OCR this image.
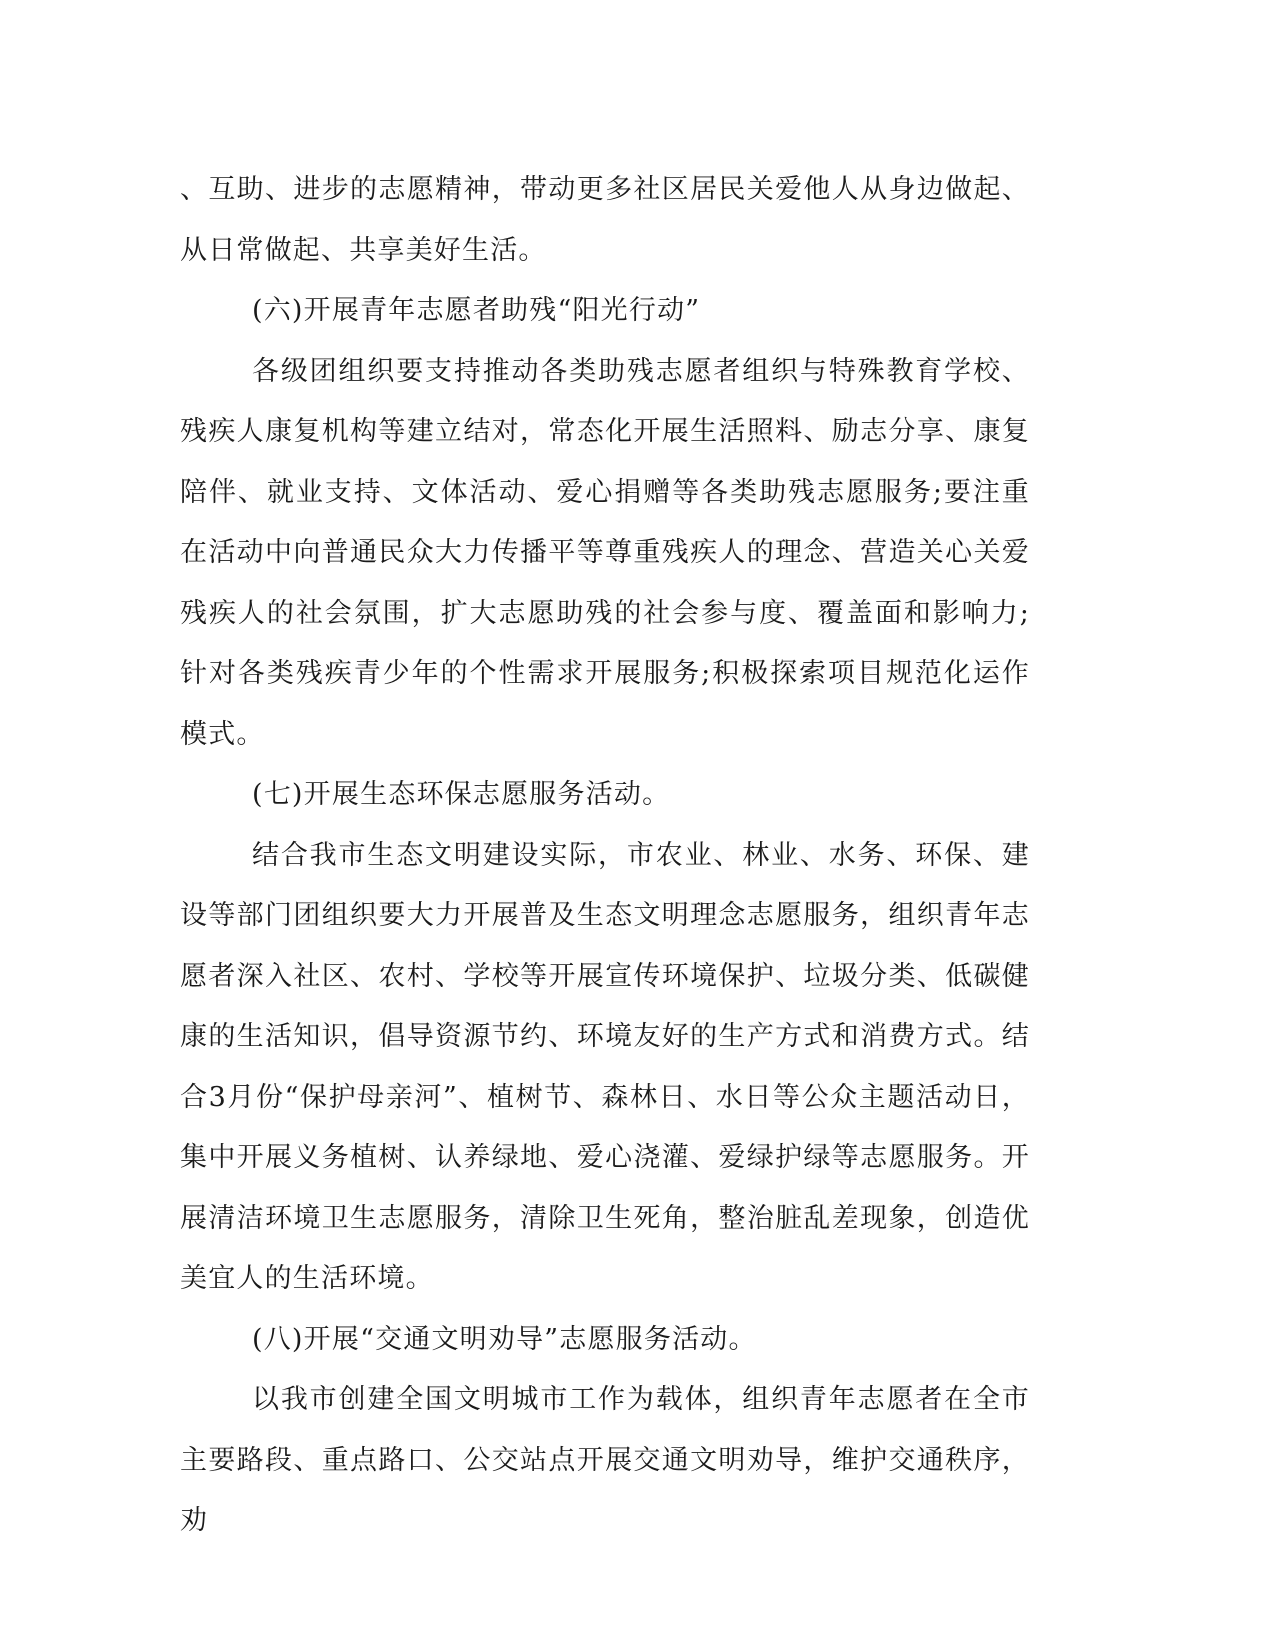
、互助、进步的志愿精神，带动更多社区居民关爱他人从身边做起、从日常做起、共享美好生活。

(六)开展青年志愿者助残“阳光行动”

各级团组织要支持推动各类助残志愿者组织与特殊教育学校、残疾人康复机构等建立结对，常态化开展生活照料、励志分享、康复陪伴、就业支持、文体活动、爱心捐赠等各类助残志愿服务;要注重在活动中向普通民众大力传播平等尊重残疾人的理念、营造关心关爱残疾人的社会氛围，扩大志愿助残的社会参与度、覆盖面和影响力;针对各类残疾青少年的个性需求开展服务;积极探索项目规范化运作模式。

(七)开展生态环保志愿服务活动。

结合我市生态文明建设实际，市农业、林业、水务、环保、建设等部门团组织要大力开展普及生态文明理念志愿服务，组织青年志愿者深入社区、农村、学校等开展宣传环境保护、垃圾分类、低碳健康的生活知识，倡导资源节约、环境友好的生产方式和消费方式。结合3月份“保护母亲河”、植树节、森林日、水日等公众主题活动日，集中开展义务植树、认养绿地、爱心浇灌、爱绿护绿等志愿服务。开展清洁环境卫生志愿服务，清除卫生死角，整治脏乱差现象，创造优美宜人的生活环境。

(八)开展“交通文明劝导”志愿服务活动。

以我市创建全国文明城市工作为载体，组织青年志愿者在全市主要路段、重点路口、公交站点开展交通文明劝导，维护交通秩序，劝
